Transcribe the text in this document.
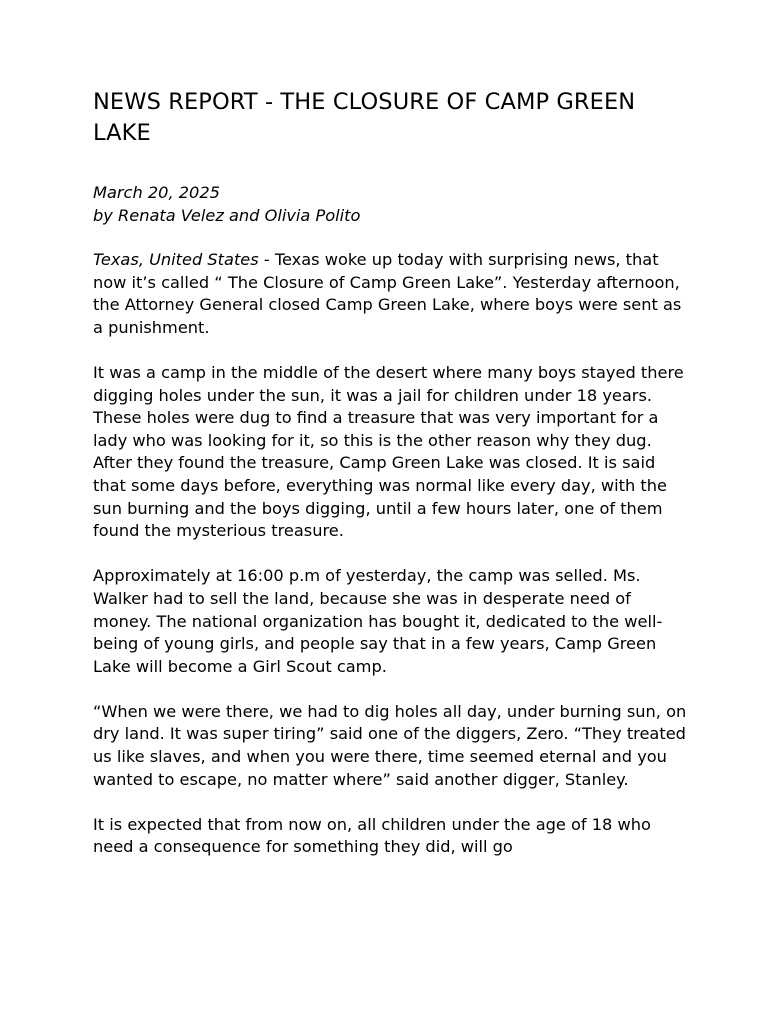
NEWS REPORT - THE CLOSURE OF CAMP GREEN LAKE
March 20, 2025
by Renata Velez and Olivia Polito

Texas, United States - Texas woke up today with surprising news, that now it’s called “ The Closure of Camp Green Lake”. Yesterday afternoon, the Attorney General closed Camp Green Lake, where boys were sent as a punishment.

It was a camp in the middle of the desert where many boys stayed there digging holes under the sun, it was a jail for children under 18 years. These holes were dug to find a treasure that was very important for a lady who was looking for it, so this is the other reason why they dug. After they found the treasure, Camp Green Lake was closed. It is said that some days before, everything was normal like every day, with the sun burning and the boys digging, until a few hours later, one of them found the mysterious treasure.

Approximately at 16:00 p.m of yesterday, the camp was selled. Ms. Walker had to sell the land, because she was in desperate need of money. The national organization has bought it, dedicated to the well-being of young girls, and people say that in a few years, Camp Green Lake will become a Girl Scout camp.

“When we were there, we had to dig holes all day, under burning sun, on dry land. It was super tiring” said one of the diggers, Zero. “They treated us like slaves, and when you were there, time seemed eternal and you wanted to escape, no matter where” said another digger, Stanley.

It is expected that from now on, all children under the age of 18 who need a consequence for something they did, will go
